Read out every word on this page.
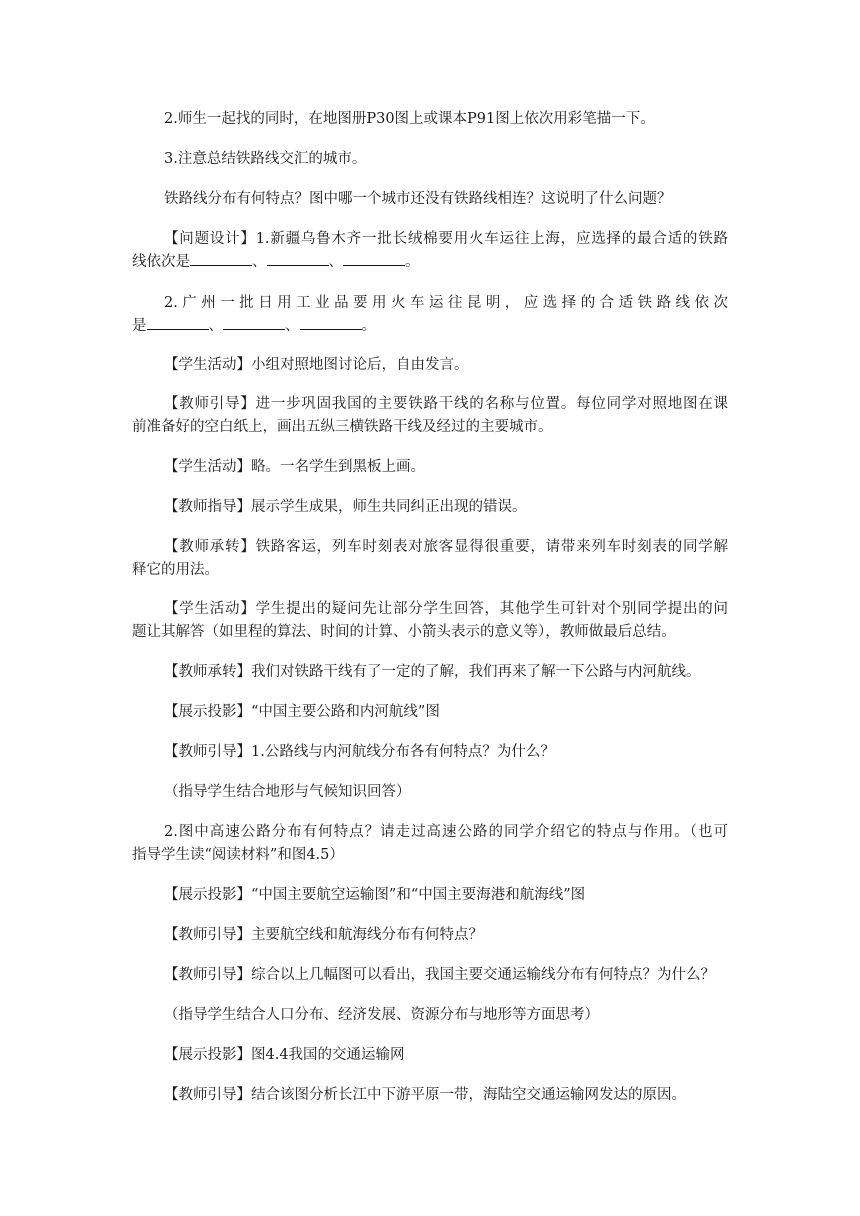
2.师生一起找的同时，在地图册P30图上或课本P91图上依次用彩笔描一下。

3.注意总结铁路线交汇的城市。

铁路线分布有何特点？图中哪一个城市还没有铁路线相连？这说明了什么问题？

【问题设计】1.新疆乌鲁木齐一批长绒棉要用火车运往上海，应选择的最合适的铁路
线依次是	、	、	。
2.广州一批日用工业品要用火车运往昆明，应选择的合适铁路线依次
是	、	、	。

【学生活动】小组对照地图讨论后，自由发言。

【教师引导】进一步巩固我国的主要铁路干线的名称与位置。每位同学对照地图在课

前准备好的空白纸上，画出五纵三横铁路干线及经过的主要城市。

【学生活动】略。一名学生到黑板上画。

【教师指导】展示学生成果，师生共同纠正出现的错误。

【教师承转】铁路客运，列车时刻表对旅客显得很重要，请带来列车时刻表的同学解

释它的用法。

【学生活动】学生提出的疑问先让部分学生回答，其他学生可针对个别同学提出的问

题让其解答（如里程的算法、时间的计算、小箭头表示的意义等），教师做最后总结。

【教师承转】我们对铁路干线有了一定的了解，我们再来了解一下公路与内河航线。

【展示投影】“中国主要公路和内河航线”图

【教师引导】1.公路线与内河航线分布各有何特点？为什么？

（指导学生结合地形与气候知识回答）

2.图中高速公路分布有何特点？请走过高速公路的同学介绍它的特点与作用。（也可

指导学生读“阅读材料”和图4.5）

【展示投影】“中国主要航空运输图”和“中国主要海港和航海线”图

【教师引导】主要航空线和航海线分布有何特点？

【教师引导】综合以上几幅图可以看出，我国主要交通运输线分布有何特点？为什么？

（指导学生结合人口分布、经济发展、资源分布与地形等方面思考）

【展示投影】图4.4我国的交通运输网

【教师引导】结合该图分析长江中下游平原一带，海陆空交通运输网发达的原因。
